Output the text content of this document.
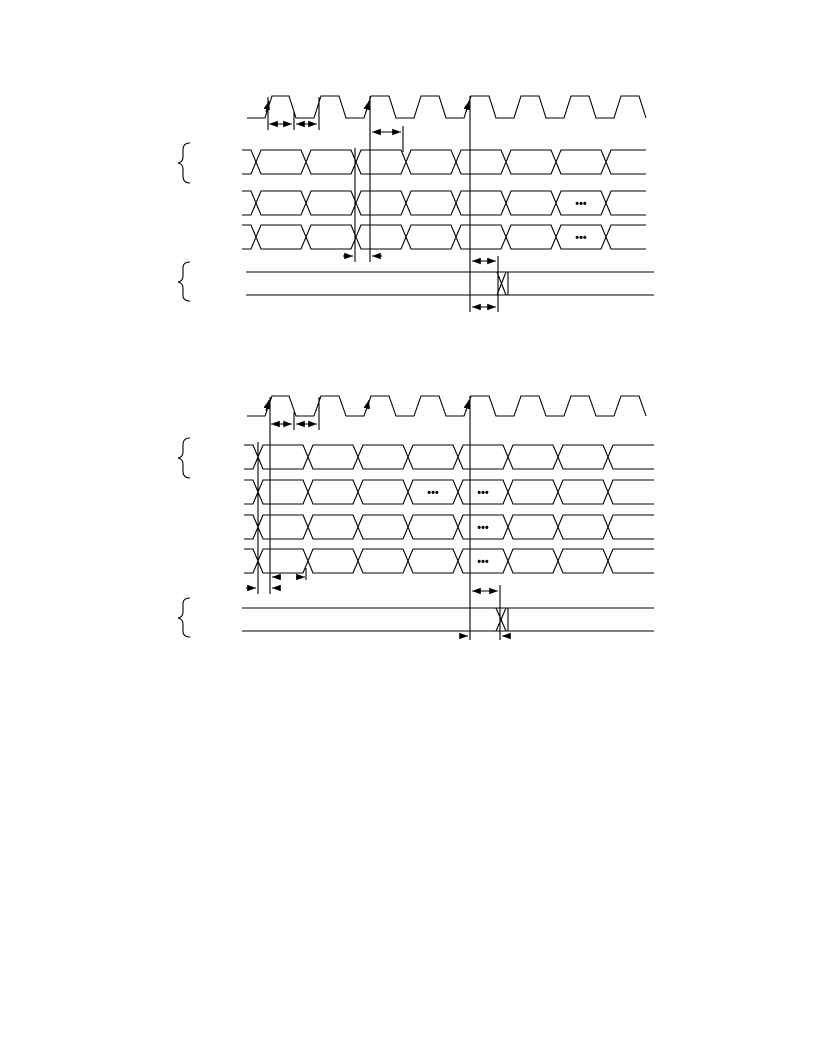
•••
•••
•••	•••
•••
•••
